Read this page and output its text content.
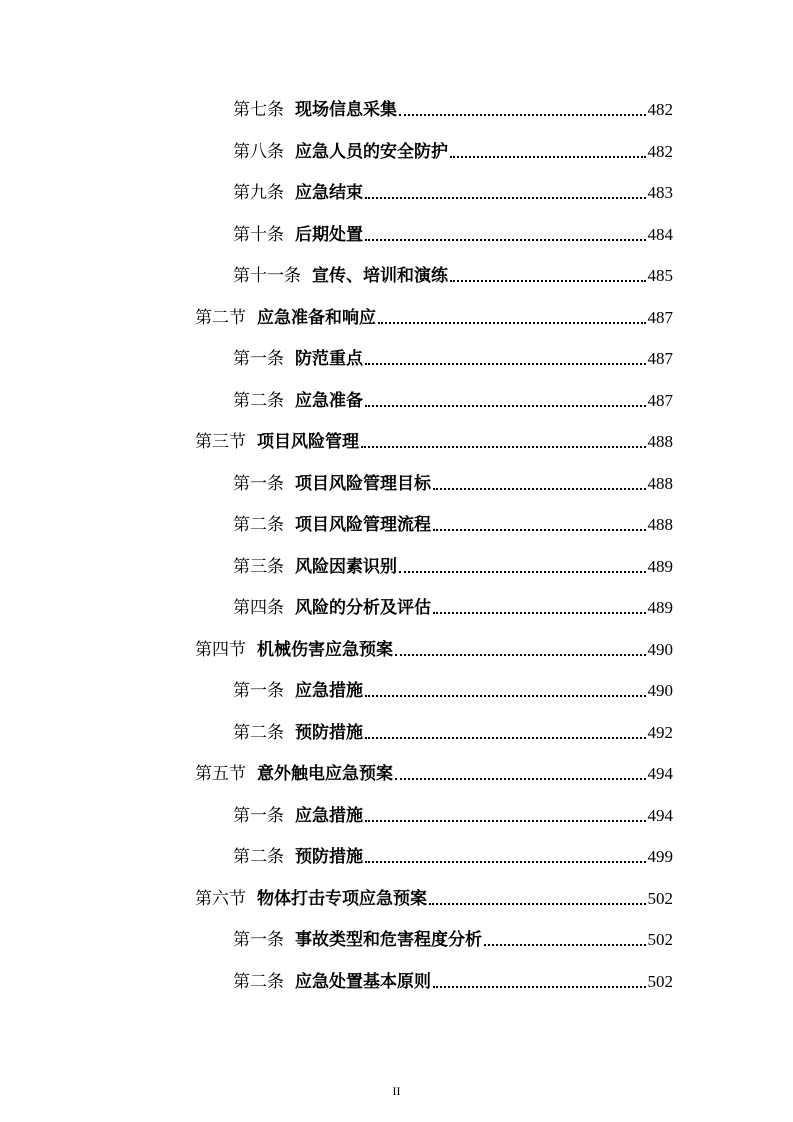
第七条 现场信息采集	482
第八条 应急人员的安全防护	482
第九条 应急结束	483
第十条 后期处置	484
第十一条 宣传、培训和演练	485
第二节 应急准备和响应	487
第一条 防范重点	487
第二条 应急准备	487
第三节 项目风险管理	488
第一条 项目风险管理目标	488
第二条 项目风险管理流程	488
第三条 风险因素识别	489
第四条 风险的分析及评估	489
第四节 机械伤害应急预案	490
第一条 应急措施	490
第二条 预防措施	492
第五节 意外触电应急预案	494
第一条 应急措施	494
第二条 预防措施	499
第六节 物体打击专项应急预案	502
第一条 事故类型和危害程度分析	502
第二条 应急处置基本原则	502
II
